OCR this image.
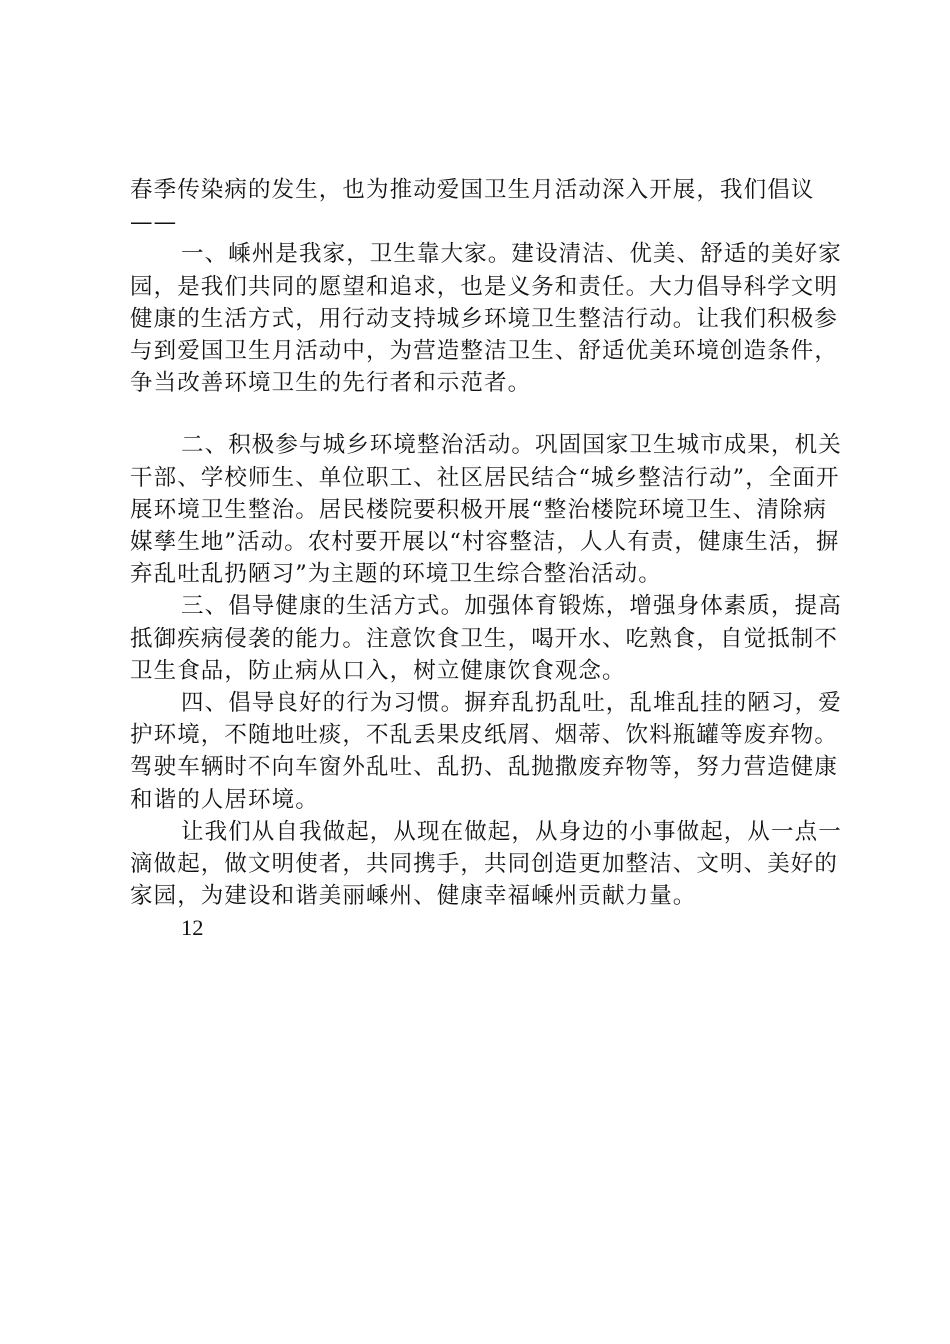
春季传染病的发生，也为推动爱国卫生月活动深入开展，我们倡议——

一、嵊州是我家，卫生靠大家。建设清洁、优美、舒适的美好家园，是我们共同的愿望和追求，也是义务和责任。大力倡导科学文明健康的生活方式，用行动支持城乡环境卫生整洁行动。让我们积极参与到爱国卫生月活动中，为营造整洁卫生、舒适优美环境创造条件，争当改善环境卫生的先行者和示范者。

二、积极参与城乡环境整治活动。巩固国家卫生城市成果，机关干部、学校师生、单位职工、社区居民结合“城乡整洁行动”，全面开展环境卫生整治。居民楼院要积极开展“整治楼院环境卫生、清除病媒孳生地”活动。农村要开展以“村容整洁，人人有责，健康生活，摒弃乱吐乱扔陋习”为主题的环境卫生综合整治活动。

三、倡导健康的生活方式。加强体育锻炼，增强身体素质，提高抵御疾病侵袭的能力。注意饮食卫生，喝开水、吃熟食，自觉抵制不卫生食品，防止病从口入，树立健康饮食观念。

四、倡导良好的行为习惯。摒弃乱扔乱吐，乱堆乱挂的陋习，爱护环境，不随地吐痰，不乱丢果皮纸屑、烟蒂、饮料瓶罐等废弃物。驾驶车辆时不向车窗外乱吐、乱扔、乱抛撒废弃物等，努力营造健康和谐的人居环境。

让我们从自我做起，从现在做起，从身边的小事做起，从一点一滴做起，做文明使者，共同携手，共同创造更加整洁、文明、美好的家园，为建设和谐美丽嵊州、健康幸福嵊州贡献力量。

12
